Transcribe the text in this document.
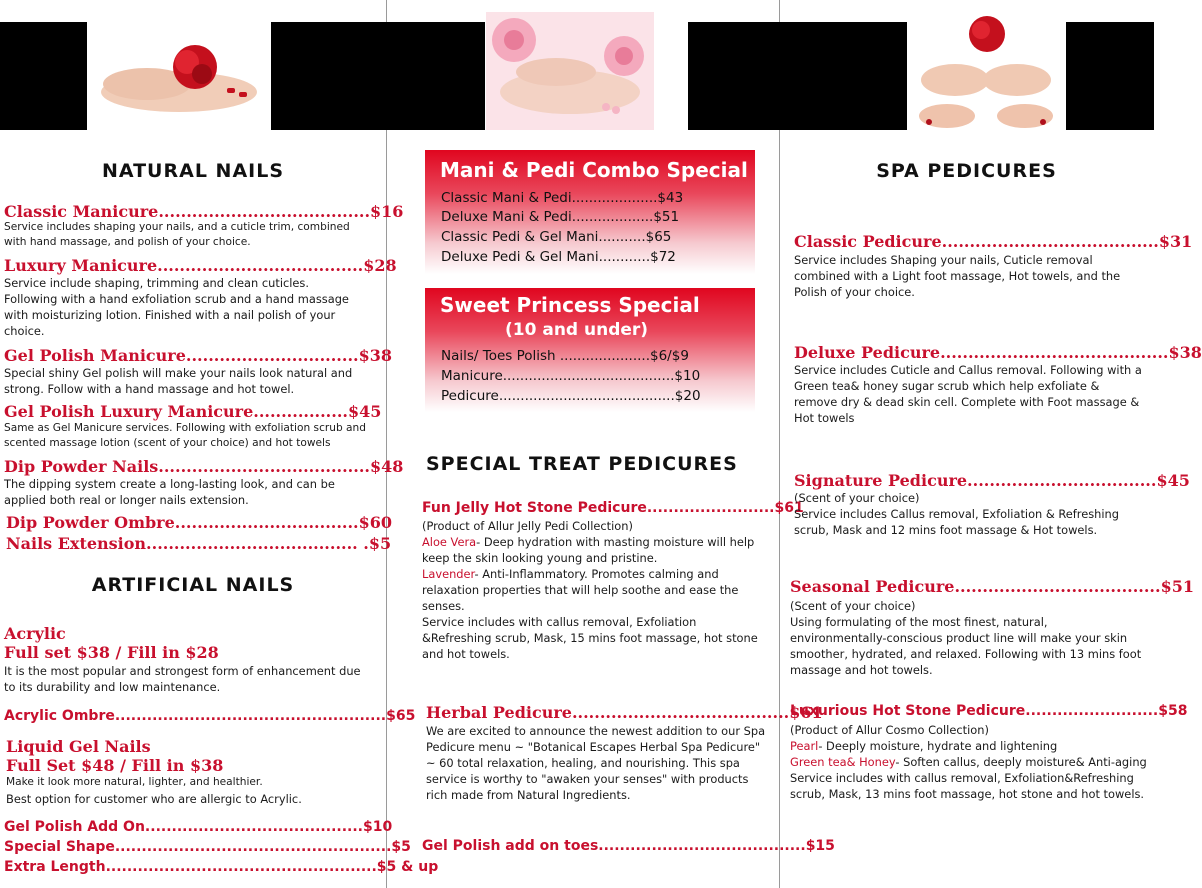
NATURAL NAILS
Classic Manicure......................................$16
Service includes shaping your nails, and a cuticle trim, combined with hand massage, and polish of your choice.
Luxury Manicure.....................................$28
Service include shaping, trimming and clean cuticles. Following with a hand exfoliation scrub and a hand massage with moisturizing lotion. Finished with a nail polish of your choice.
Gel Polish Manicure...............................$38
Special shiny Gel polish will make your nails look natural and strong. Follow with a hand massage and hot towel.
Gel Polish Luxury Manicure.................$45
Same as Gel Manicure services. Following with exfoliation scrub and scented massage lotion (scent of your choice) and hot towels
Dip Powder Nails......................................$48
The dipping system create a long-lasting look, and can be applied both real or longer nails extension.
Dip Powder Ombre.................................$60
Nails Extension...................................... .$5
ARTIFICIAL NAILS
Acrylic
Full set $38 / Fill in $28
It is the most popular and strongest form of enhancement due to its durability and low maintenance.
Acrylic Ombre...................................................$65
Liquid Gel Nails
Full Set $48 / Fill in $38
Make it look more natural, lighter, and healthier.
Best option for customer who are allergic to Acrylic.
Gel Polish Add On.........................................$10
Special Shape....................................................$5
Extra Length...................................................$5 & up
Mani & Pedi Combo Special
Classic Mani & Pedi....................$43
Deluxe Mani & Pedi...................$51
Classic Pedi & Gel Mani...........$65
Deluxe Pedi & Gel Mani............$72
Sweet Princess Special
(10 and under)
Nails/ Toes Polish .....................$6/$9
Manicure........................................$10
Pedicure.........................................$20
SPECIAL TREAT PEDICURES
Fun Jelly Hot Stone Pedicure........................$61
(Product of Allur Jelly Pedi Collection)
Aloe Vera- Deep hydration with masting moisture will help keep the skin looking young and pristine.
Lavender- Anti-Inflammatory. Promotes calming and relaxation properties that will help soothe and ease the senses.
Service includes with callus removal, Exfoliation &Refreshing scrub, Mask, 15 mins foot massage, hot stone and hot towels.
Herbal Pedicure.......................................$61
We are excited to announce the newest addition to our Spa Pedicure menu ~ "Botanical Escapes Herbal Spa Pedicure" ~ 60 total relaxation, healing, and nourishing. This spa service is worthy to "awaken your senses" with products rich made from Natural Ingredients.
Gel Polish add on toes.......................................$15
SPA PEDICURES
Classic Pedicure.......................................$31
Service includes Shaping your nails, Cuticle removal combined with a Light foot massage, Hot towels, and the Polish of your choice.
Deluxe Pedicure.........................................$38
Service includes Cuticle and Callus removal. Following with a Green tea& honey sugar scrub which help exfoliate & remove dry & dead skin cell. Complete with Foot massage & Hot towels
Signature Pedicure..................................$45
(Scent of your choice)
Service includes Callus removal, Exfoliation & Refreshing scrub, Mask and 12 mins foot massage & Hot towels.
Seasonal Pedicure.....................................$51
(Scent of your choice)
Using formulating of the most finest, natural, environmentally-conscious product line will make your skin smoother, hydrated, and relaxed. Following with 13 mins foot massage and hot towels.
Luxurious Hot Stone Pedicure.........................$58
(Product of Allur Cosmo Collection)
Pearl- Deeply moisture, hydrate and lightening
Green tea& Honey- Soften callus, deeply moisture& Anti-aging
Service includes with callus removal, Exfoliation&Refreshing scrub, Mask, 13 mins foot massage, hot stone and hot towels.
